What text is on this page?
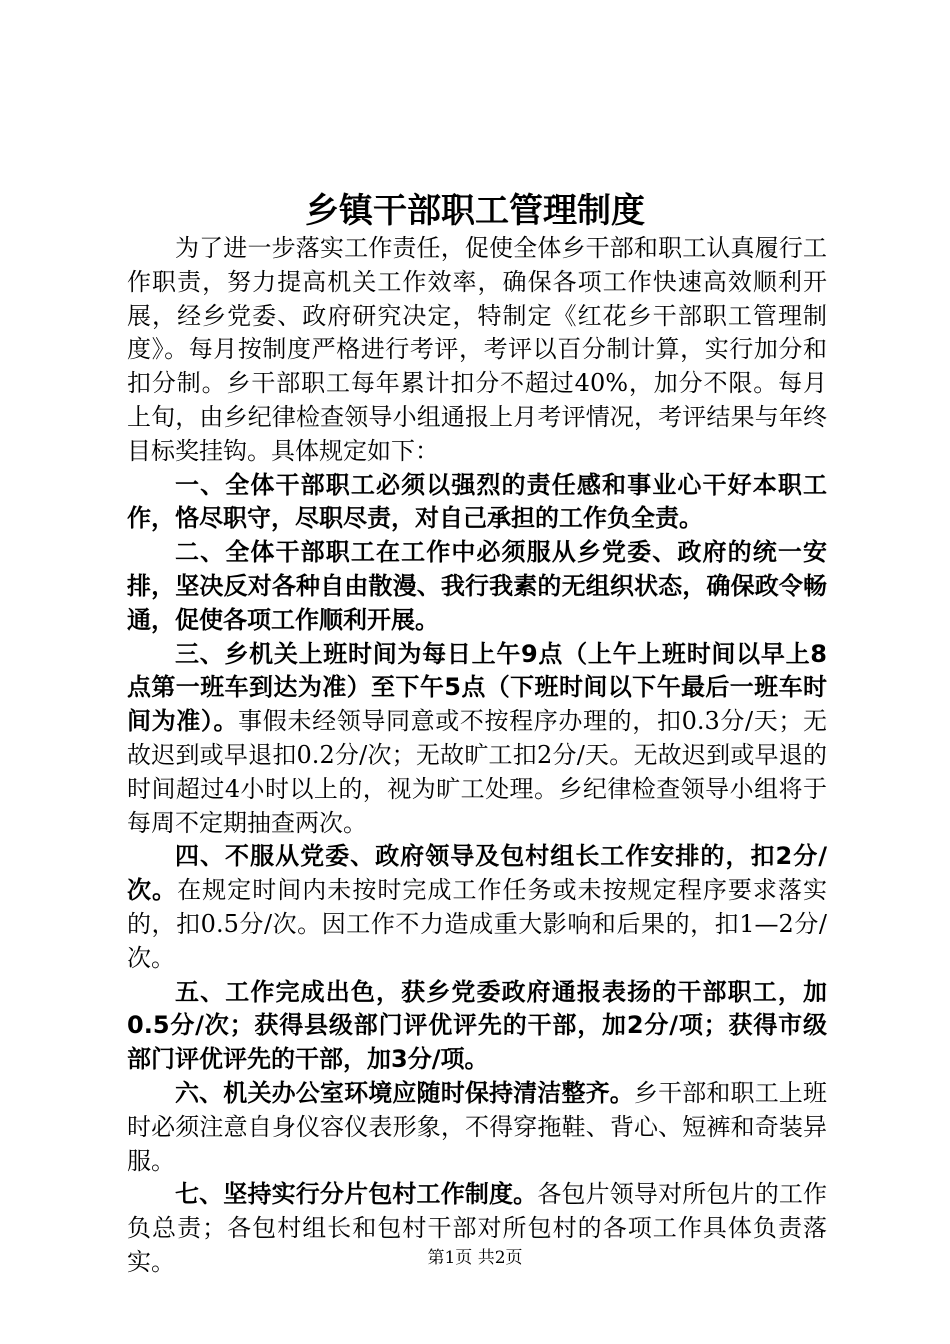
乡镇干部职工管理制度

为了进一步落实工作责任，促使全体乡干部和职工认真履行工作职责，努力提高机关工作效率，确保各项工作快速高效顺利开展，经乡党委、政府研究决定，特制定《红花乡干部职工管理制度》。每月按制度严格进行考评，考评以百分制计算，实行加分和扣分制。乡干部职工每年累计扣分不超过40%，加分不限。每月上旬，由乡纪律检查领导小组通报上月考评情况，考评结果与年终目标奖挂钩。具体规定如下：

一、全体干部职工必须以强烈的责任感和事业心干好本职工作，恪尽职守，尽职尽责，对自己承担的工作负全责。

二、全体干部职工在工作中必须服从乡党委、政府的统一安排，坚决反对各种自由散漫、我行我素的无组织状态，确保政令畅通，促使各项工作顺利开展。

三、乡机关上班时间为每日上午9点（上午上班时间以早上8点第一班车到达为准）至下午5点（下班时间以下午最后一班车时间为准）。事假未经领导同意或不按程序办理的，扣0.3分/天；无故迟到或早退扣0.2分/次；无故旷工扣2分/天。无故迟到或早退的时间超过4小时以上的，视为旷工处理。乡纪律检查领导小组将于每周不定期抽查两次。

四、不服从党委、政府领导及包村组长工作安排的，扣2分/次。在规定时间内未按时完成工作任务或未按规定程序要求落实的，扣0.5分/次。因工作不力造成重大影响和后果的，扣1—2分/次。

五、工作完成出色，获乡党委政府通报表扬的干部职工，加0.5分/次；获得县级部门评优评先的干部，加2分/项；获得市级部门评优评先的干部，加3分/项。

六、机关办公室环境应随时保持清洁整齐。乡干部和职工上班时必须注意自身仪容仪表形象，不得穿拖鞋、背心、短裤和奇装异服。

七、坚持实行分片包村工作制度。各包片领导对所包片的工作负总责；各包村组长和包村干部对所包村的各项工作具体负责落实。	第1页 共2页
